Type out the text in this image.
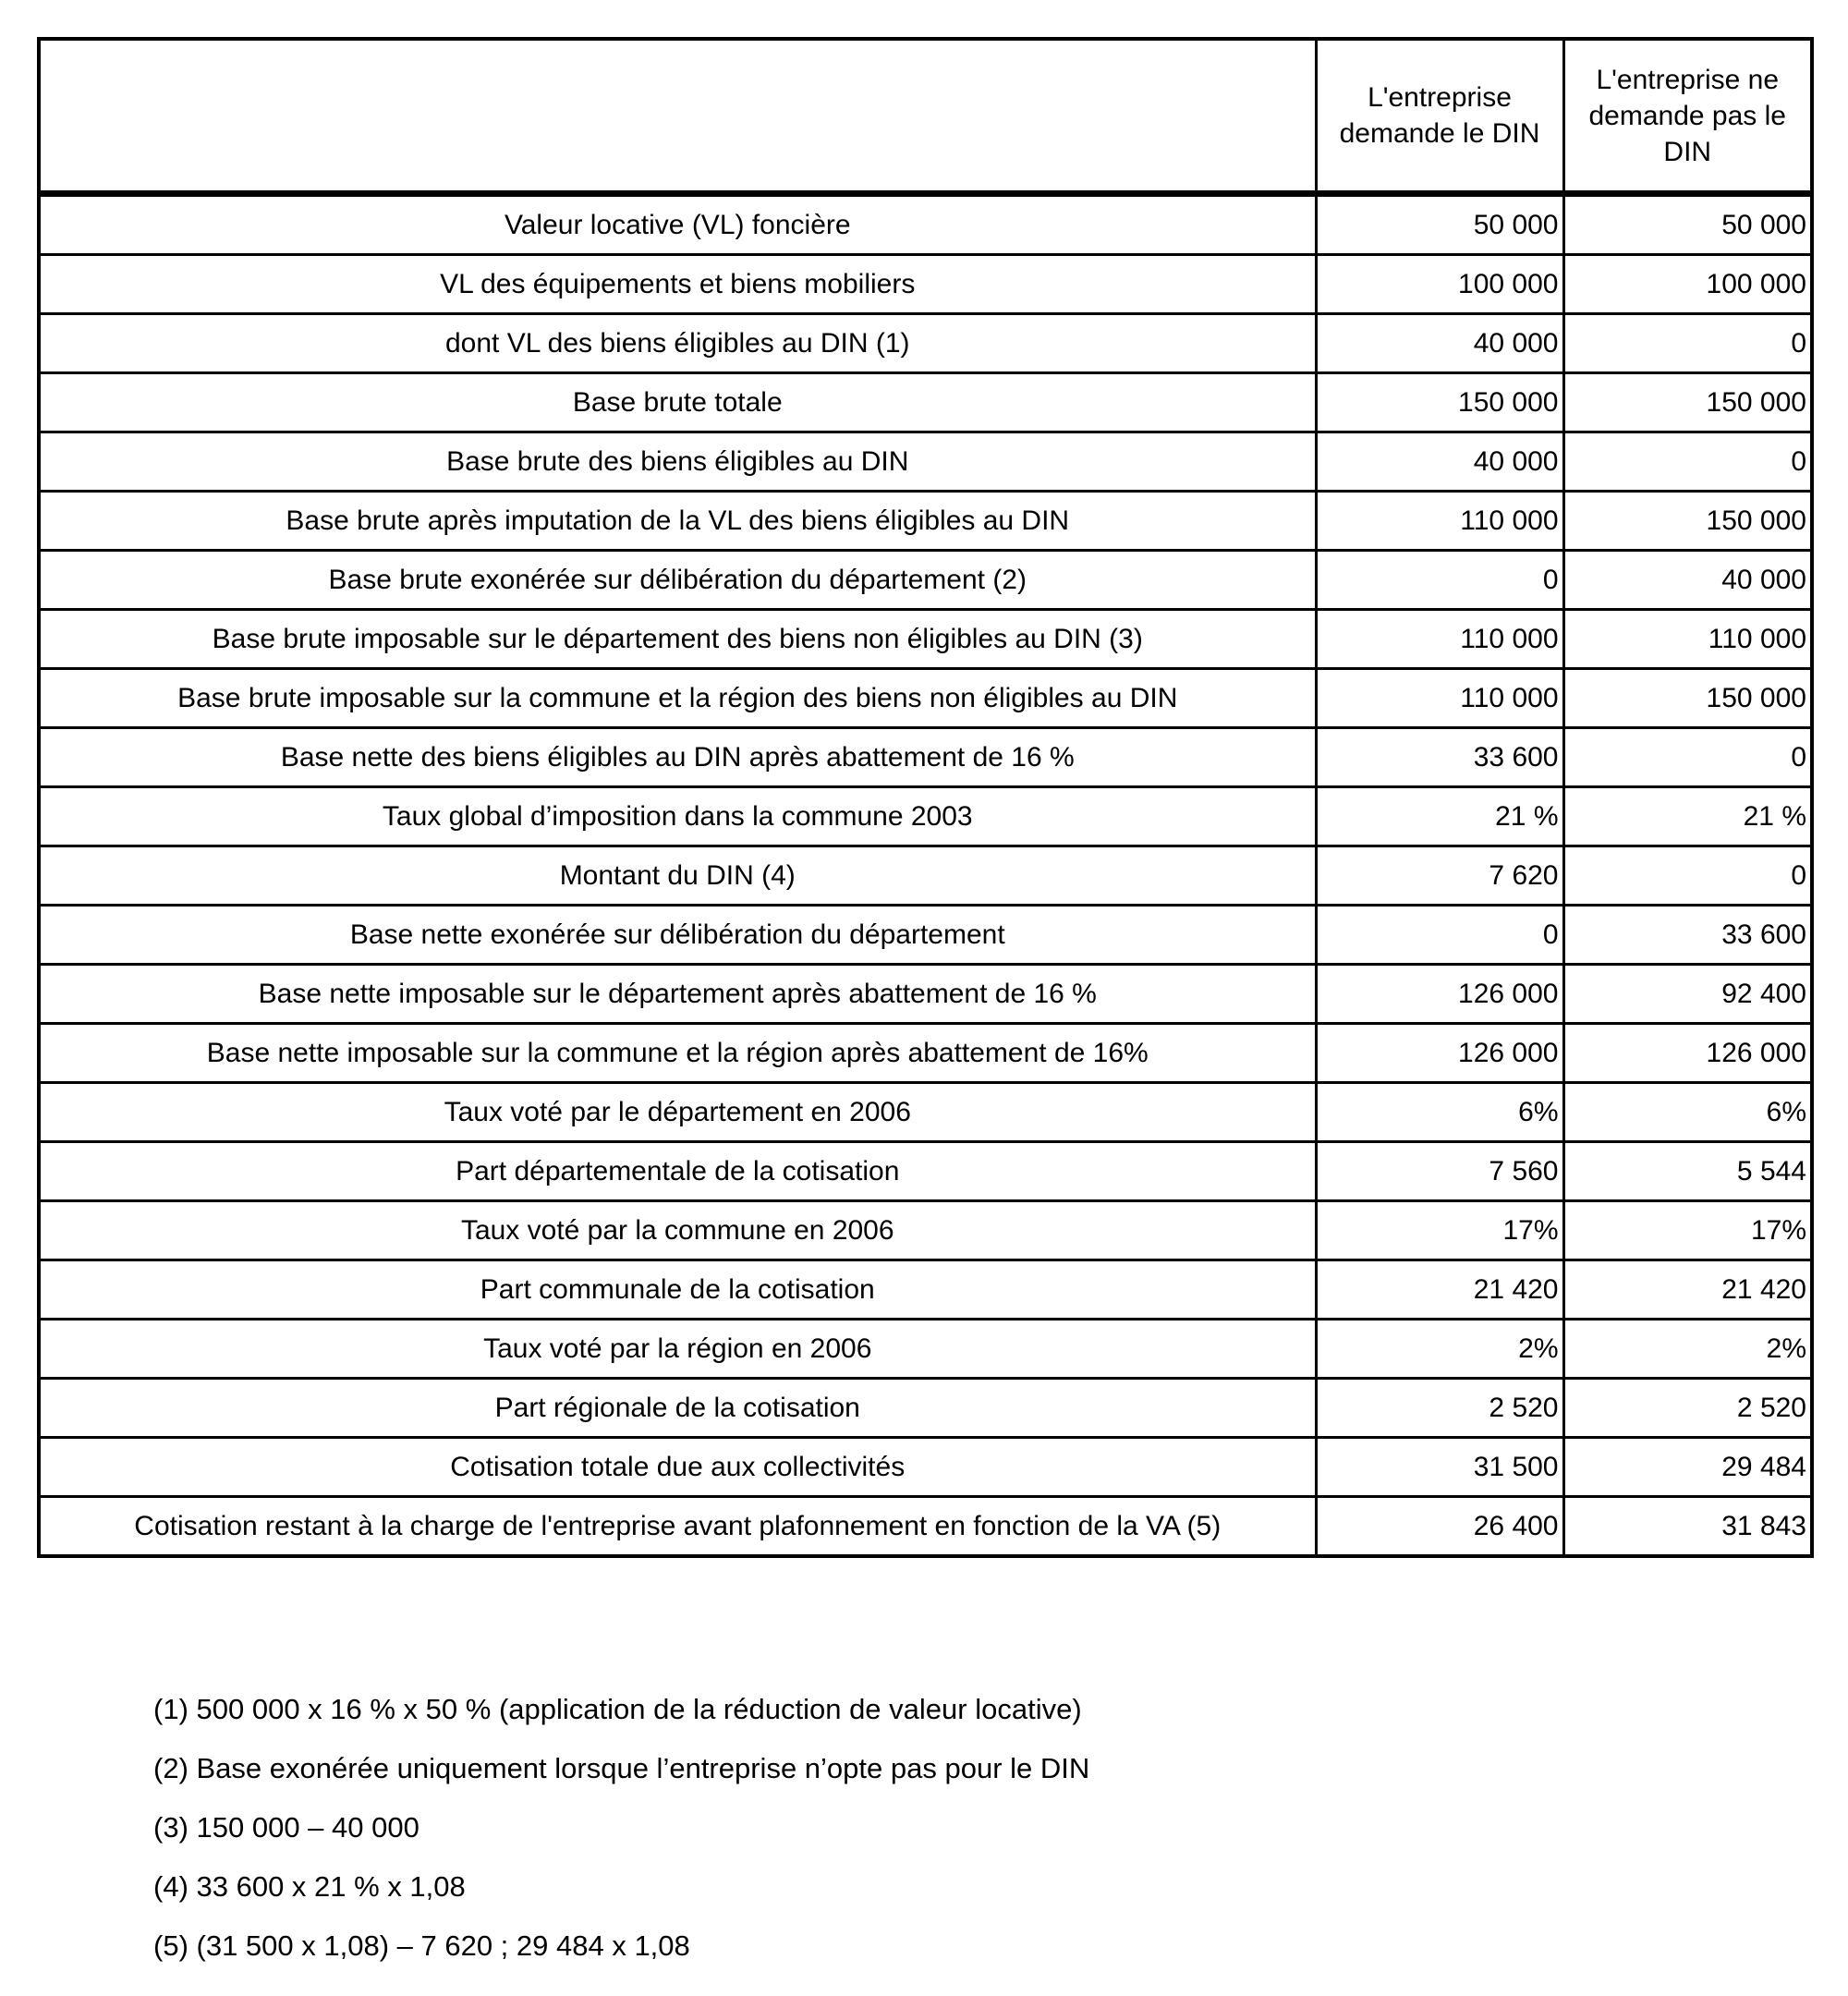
	L'entreprise demande le DIN	L'entreprise ne demande pas le DIN
Valeur locative (VL) foncière	50 000	50 000
VL des équipements et biens mobiliers	100 000	100 000
dont VL des biens éligibles au DIN (1)	40 000	0
Base brute totale	150 000	150 000
Base brute des biens éligibles au DIN	40 000	0
Base brute après imputation de la VL des biens éligibles au DIN	110 000	150 000
Base brute exonérée sur délibération du département (2)	0	40 000
Base brute imposable sur le département des biens non éligibles au DIN (3)	110 000	110 000
Base brute imposable sur la commune et la région des biens non éligibles au DIN	110 000	150 000
Base nette des biens éligibles au DIN après abattement de 16 %	33 600	0
Taux global d’imposition dans la commune 2003	21 %	21 %
Montant du DIN (4)	7 620	0
Base nette exonérée sur délibération du département	0	33 600
Base nette imposable sur le département après abattement de 16 %	126 000	92 400
Base nette imposable sur la commune et la région après abattement de 16%	126 000	126 000
Taux voté par le département en 2006	6%	6%
Part départementale de la cotisation	7 560	5 544
Taux voté par la commune en 2006	17%	17%
Part communale de la cotisation	21 420	21 420
Taux voté par la région en 2006	2%	2%
Part régionale de la cotisation	2 520	2 520
Cotisation totale due aux collectivités	31 500	29 484
Cotisation restant à la charge de l'entreprise avant plafonnement en fonction de la VA (5)	26 400	31 843
(1) 500 000 x 16 % x 50 % (application de la réduction de valeur locative)
(2) Base exonérée uniquement lorsque l’entreprise n’opte pas pour le DIN
(3) 150 000 – 40 000
(4) 33 600 x 21 % x 1,08
(5) (31 500 x 1,08) – 7 620 ; 29 484 x 1,08
